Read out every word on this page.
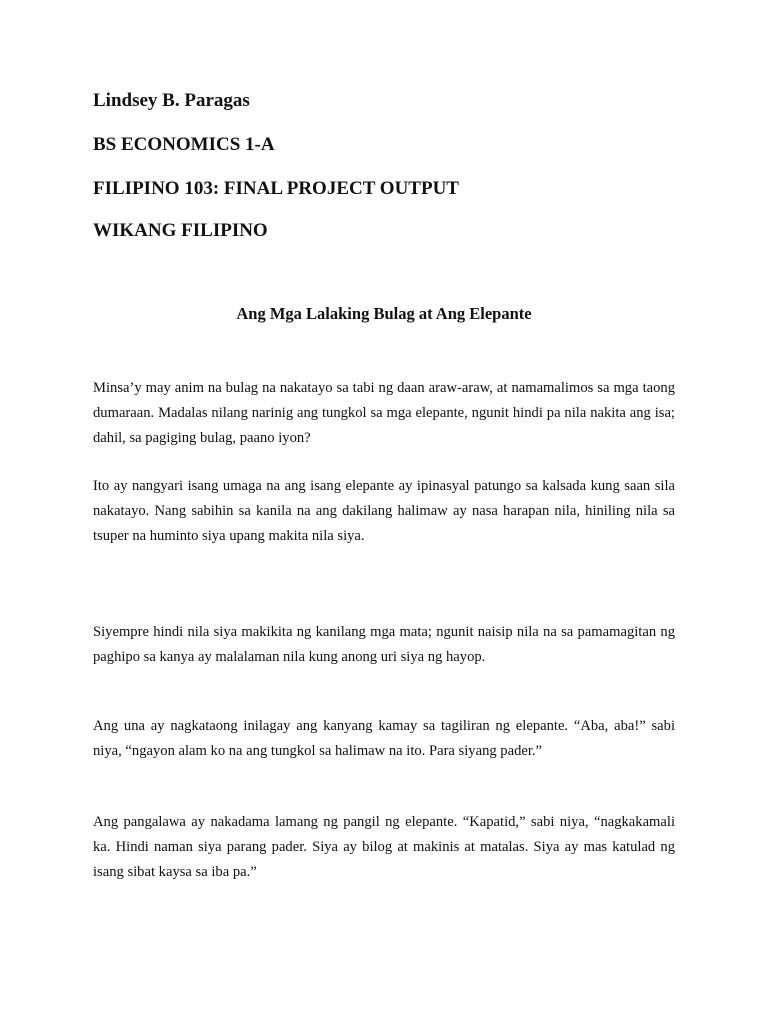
Lindsey B. Paragas
BS ECONOMICS 1-A
FILIPINO 103: FINAL PROJECT OUTPUT
WIKANG FILIPINO
Ang Mga Lalaking Bulag at Ang Elepante

Minsa’y may anim na bulag na nakatayo sa tabi ng daan araw-araw, at namamalimos sa mga taong dumaraan. Madalas nilang narinig ang tungkol sa mga elepante, ngunit hindi pa nila nakita ang isa; dahil, sa pagiging bulag, paano iyon?

Ito ay nangyari isang umaga na ang isang elepante ay ipinasyal patungo sa kalsada kung saan sila nakatayo. Nang sabihin sa kanila na ang dakilang halimaw ay nasa harapan nila, hiniling nila sa tsuper na huminto siya upang makita nila siya.

Siyempre hindi nila siya makikita ng kanilang mga mata; ngunit naisip nila na sa pamamagitan ng paghipo sa kanya ay malalaman nila kung anong uri siya ng hayop.

Ang una ay nagkataong inilagay ang kanyang kamay sa tagiliran ng elepante. “Aba, aba!” sabi niya, “ngayon alam ko na ang tungkol sa halimaw na ito. Para siyang pader.”

Ang pangalawa ay nakadama lamang ng pangil ng elepante. “Kapatid,” sabi niya, “nagkakamali ka. Hindi naman siya parang pader. Siya ay bilog at makinis at matalas. Siya ay mas katulad ng isang sibat kaysa sa iba pa.”
